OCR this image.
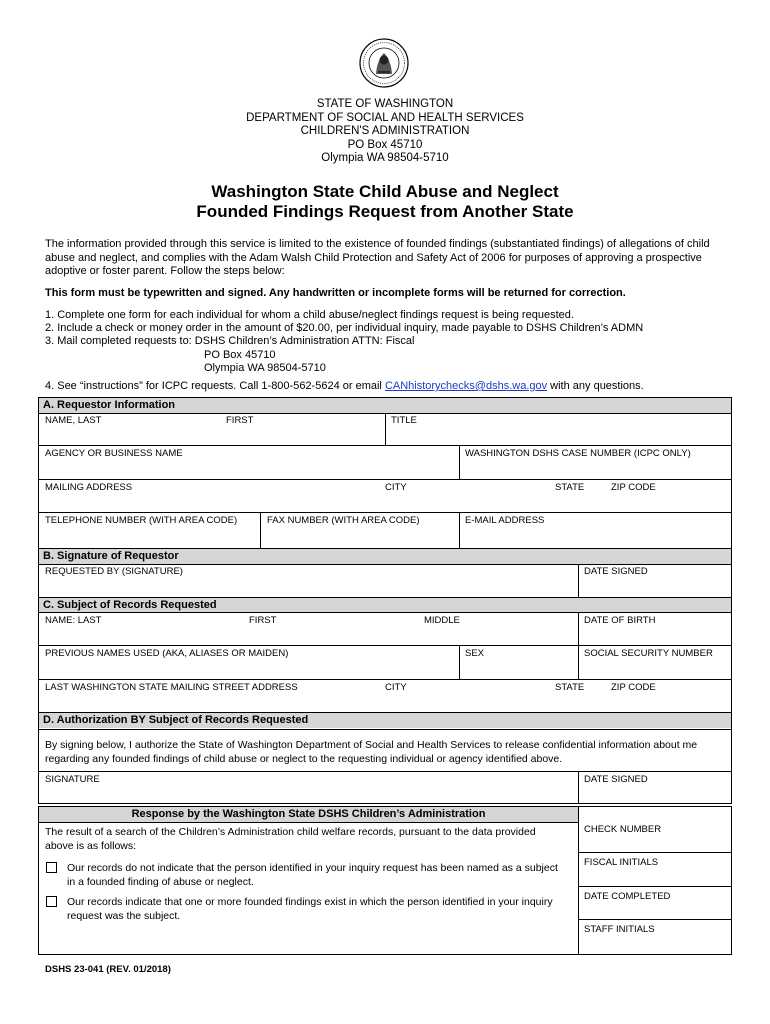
STATE OF WASHINGTON
DEPARTMENT OF SOCIAL AND HEALTH SERVICES
CHILDREN'S ADMINISTRATION
PO Box 45710
Olympia WA 98504-5710
Washington State Child Abuse and Neglect
Founded Findings Request from Another State
The information provided through this service is limited to the existence of founded findings (substantiated findings) of allegations of child abuse and neglect, and complies with the Adam Walsh Child Protection and Safety Act of 2006 for purposes of approving a prospective adoptive or foster parent. Follow the steps below:
This form must be typewritten and signed. Any handwritten or incomplete forms will be returned for correction.
1. Complete one form for each individual for whom a child abuse/neglect findings request is being requested.
2. Include a check or money order in the amount of $20.00, per individual inquiry, made payable to DSHS Children’s ADMN
3. Mail completed requests to: DSHS Children’s Administration ATTN: Fiscal
PO Box 45710
Olympia WA 98504-5710
4. See “instructions” for ICPC requests. Call 1-800-562-5624 or email CANhistorychecks@dshs.wa.gov with any questions.
A. Requestor Information
NAME, LAST	FIRST	TITLE
AGENCY OR BUSINESS NAME	WASHINGTON DSHS CASE NUMBER (ICPC ONLY)
MAILING ADDRESS	CITY	STATE	ZIP CODE
TELEPHONE NUMBER (WITH AREA CODE)	FAX NUMBER (WITH AREA CODE)	E-MAIL ADDRESS
B. Signature of Requestor
REQUESTED BY (SIGNATURE)	DATE SIGNED
C. Subject of Records Requested
NAME: LAST	FIRST	MIDDLE	DATE OF BIRTH
PREVIOUS NAMES USED (AKA, ALIASES OR MAIDEN)	SEX	SOCIAL SECURITY NUMBER
LAST WASHINGTON STATE MAILING STREET ADDRESS	CITY	STATE	ZIP CODE
D. Authorization BY Subject of Records Requested
By signing below, I authorize the State of Washington Department of Social and Health Services to release confidential information about me regarding any founded findings of child abuse or neglect to the requesting individual or agency identified above.
SIGNATURE	DATE SIGNED
Response by the Washington State DSHS Children’s Administration
The result of a search of the Children’s Administration child welfare records, pursuant to the data provided above is as follows:
Our records do not indicate that the person identified in your inquiry request has been named as a subject in a founded finding of abuse or neglect.
Our records indicate that one or more founded findings exist in which the person identified in your inquiry request was the subject.
CHECK NUMBER
FISCAL INITIALS
DATE COMPLETED
STAFF INITIALS
DSHS 23-041 (REV. 01/2018)
